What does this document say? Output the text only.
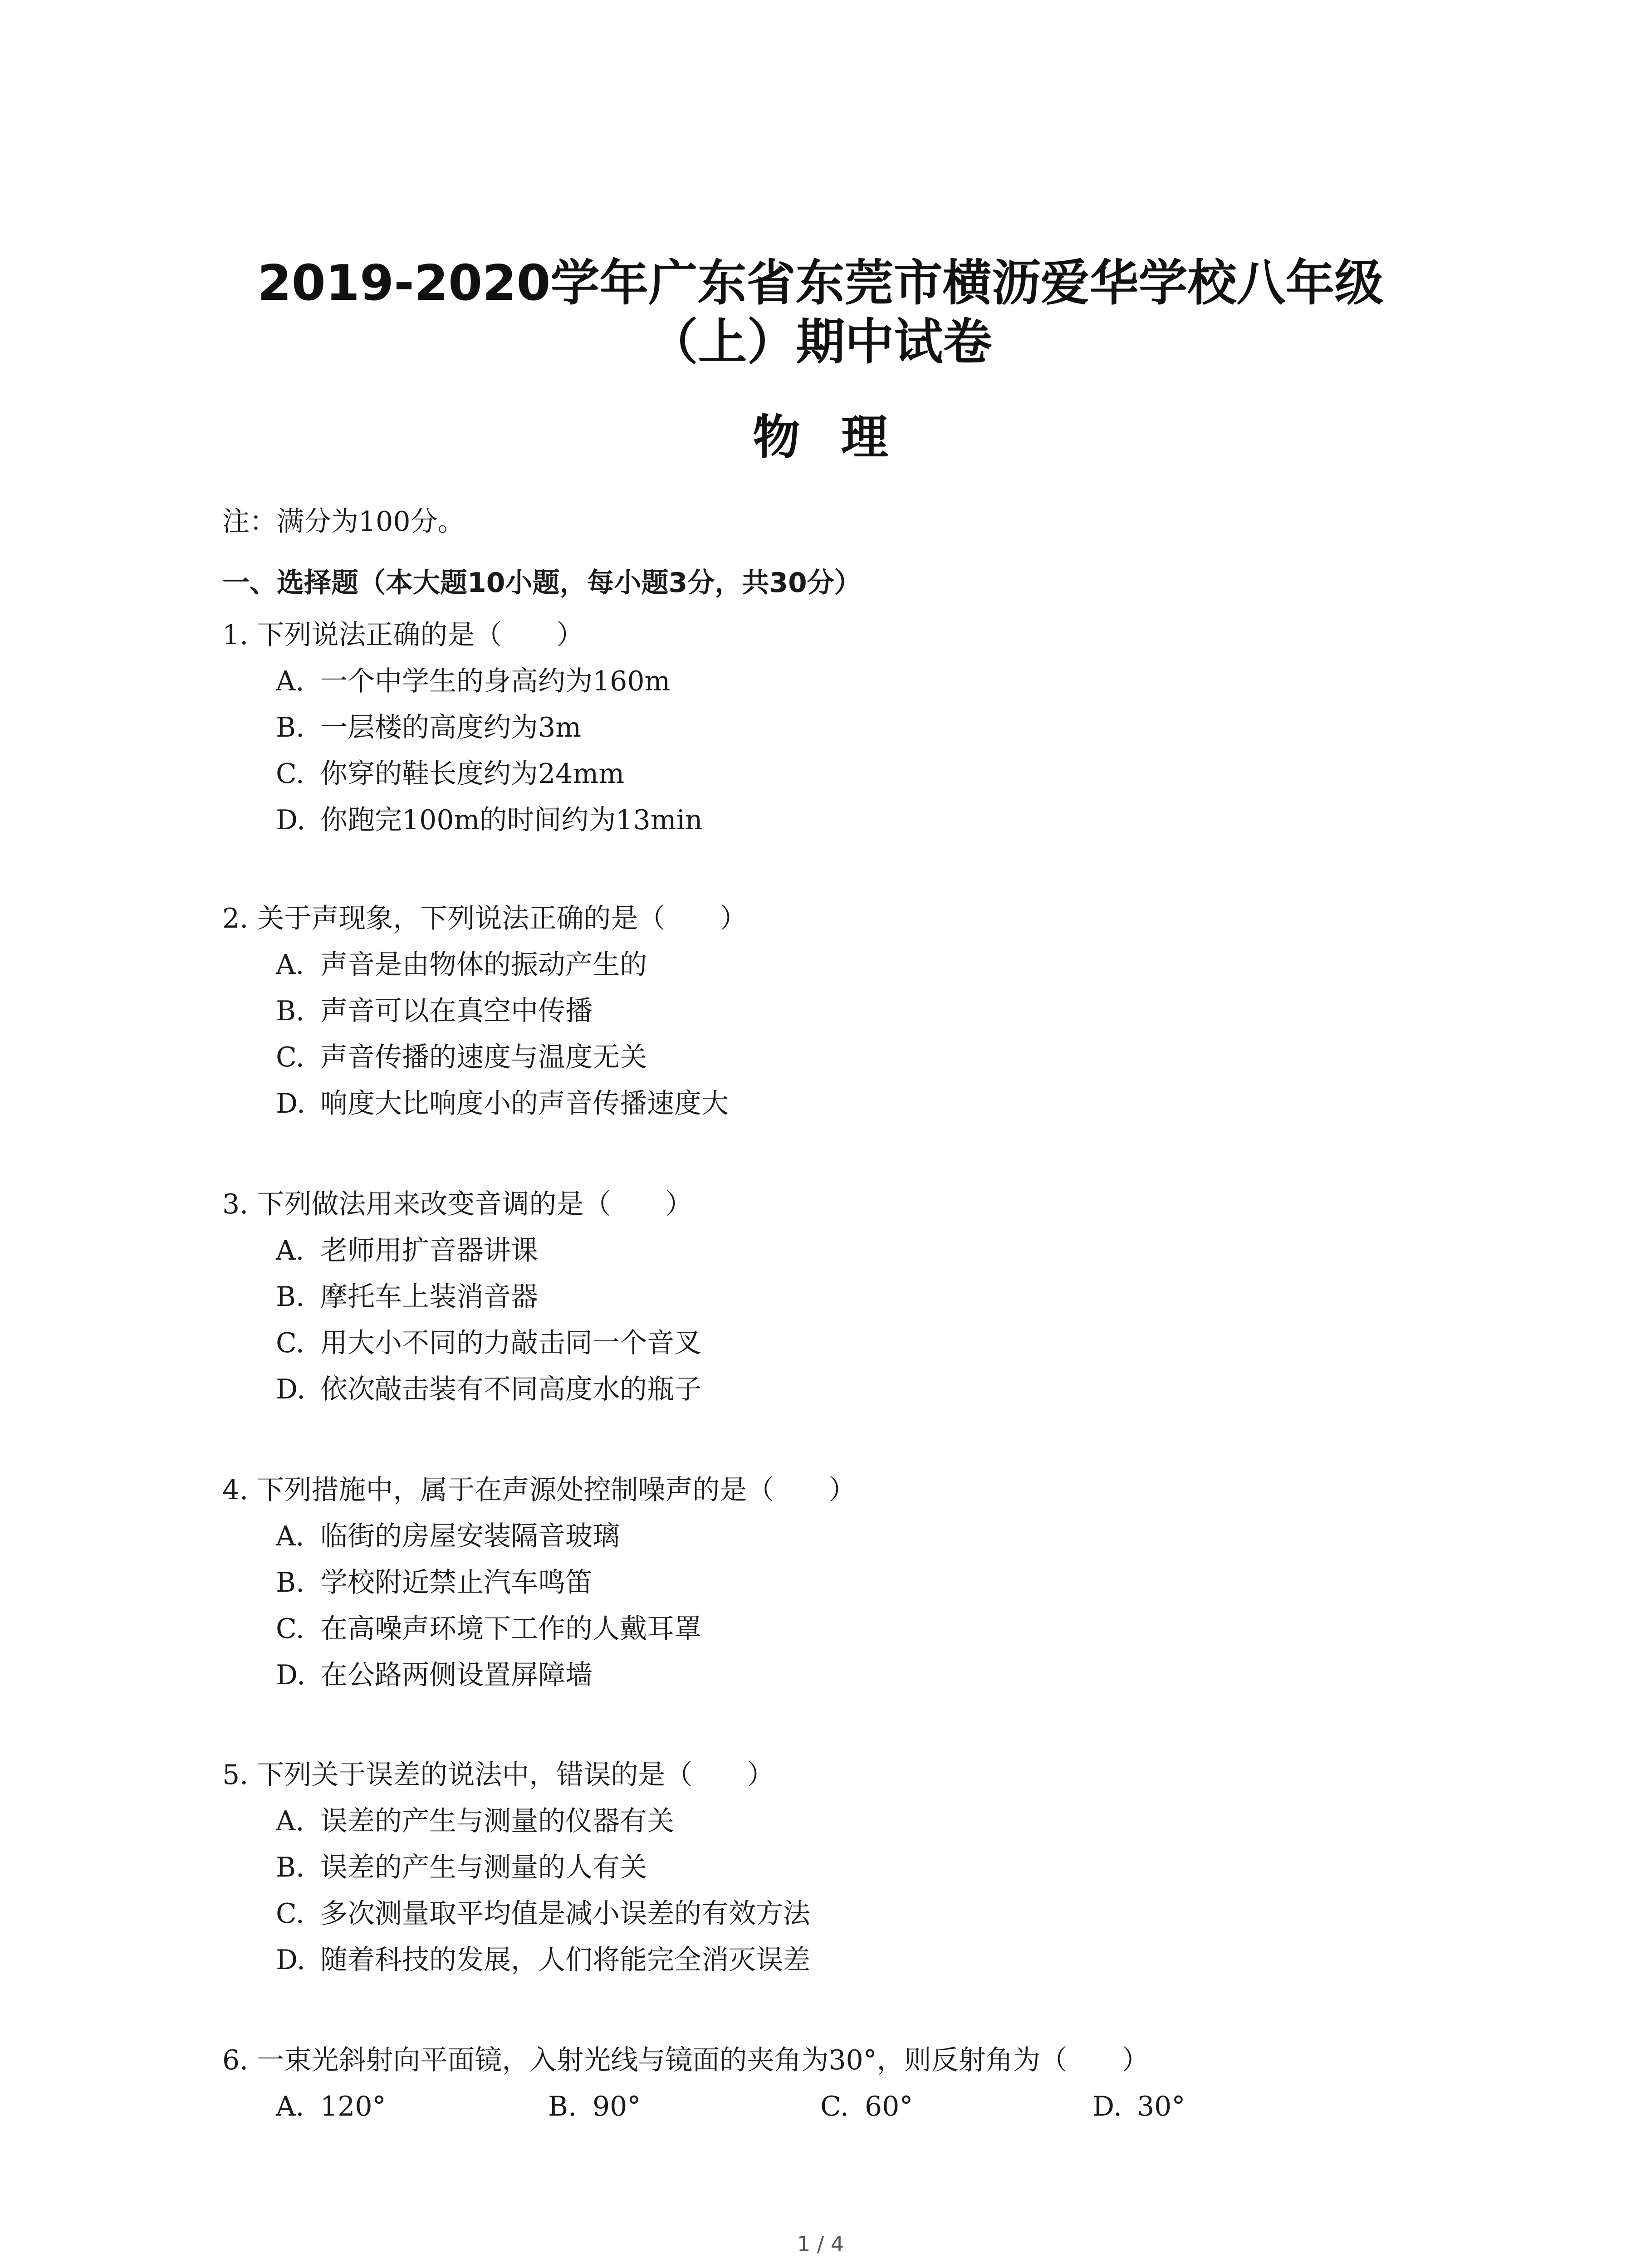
2019-2020学年广东省东莞市横沥爱华学校八年级
（上）期中试卷
物理
注：满分为100分。
一、选择题（本大题10小题，每小题3分，共30分）
1. 下列说法正确的是（　　）
A. 一个中学生的身高约为160m
B. 一层楼的高度约为3m
C. 你穿的鞋长度约为24mm
D. 你跑完100m的时间约为13min
2. 关于声现象，下列说法正确的是（　　）
A. 声音是由物体的振动产生的
B. 声音可以在真空中传播
C. 声音传播的速度与温度无关
D. 响度大比响度小的声音传播速度大
3. 下列做法用来改变音调的是（　　）
A. 老师用扩音器讲课
B. 摩托车上装消音器
C. 用大小不同的力敲击同一个音叉
D. 依次敲击装有不同高度水的瓶子
4. 下列措施中，属于在声源处控制噪声的是（　　）
A. 临街的房屋安装隔音玻璃
B. 学校附近禁止汽车鸣笛
C. 在高噪声环境下工作的人戴耳罩
D. 在公路两侧设置屏障墙
5. 下列关于误差的说法中，错误的是（　　）
A. 误差的产生与测量的仪器有关
B. 误差的产生与测量的人有关
C. 多次测量取平均值是减小误差的有效方法
D. 随着科技的发展，人们将能完全消灭误差
6. 一束光斜射向平面镜，入射光线与镜面的夹角为30°，则反射角为（　　）
A. 120°	B. 90°	C. 60°	D. 30°
1 / 4
